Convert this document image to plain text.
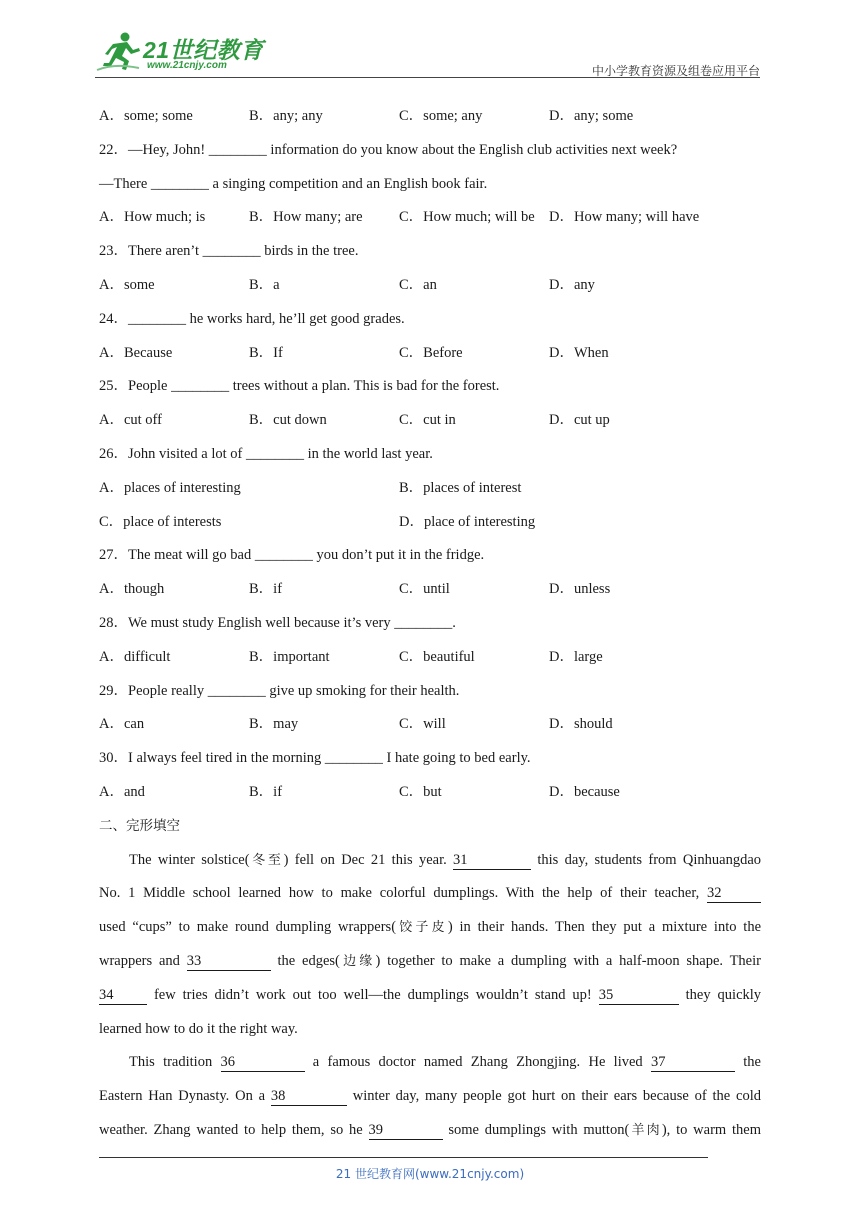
21世纪教育
www.21cnjy.com	中小学教育资源及组卷应用平台
A．some; some	B．any; any	C．some; any	D．any; some
22．—Hey, John! ________ information do you know about the English club activities next week?
—There ________ a singing competition and an English book fair.
A．How much; is	B．How many; are	C．How much; will be D．How many; will have
23．There aren’t ________ birds in the tree.
A．some	B．a	C．an	D．any
24．________ he works hard, he’ll get good grades.
A．Because	B．If	C．Before	D．When
25．People ________ trees without a plan. This is bad for the forest.
A．cut off	B．cut down	C．cut in	D．cut up
26．John visited a lot of ________ in the world last year.
A．places of interesting	B．places of interest
C．place of interests	D．place of interesting
27．The meat will go bad ________ you don’t put it in the fridge.
A．though	B．if	C．until	D．unless
28．We must study English well because it’s very ________.
A．difficult	B．important	C．beautiful	D．large
29．People really ________ give up smoking for their health.
A．can	B．may	C．will	D．should
30．I always feel tired in the morning ________ I hate going to bed early.
A．and	B．if	C．but	D．because
二、完形填空
The winter solstice(冬至) fell on Dec 21 this year. 31	this day, students from Qinhuangdao
No. 1 Middle school learned how to make colorful dumplings. With the help of their teacher, 32
used “cups” to make round dumpling wrappers(饺子皮) in their hands. Then they put a mixture into the
wrappers and 33	the edges(边缘) together to make a dumpling with a half-moon shape. Their
34	few tries didn’t work out too well—the dumplings wouldn’t stand up! 35	they quickly
learned how to do it the right way.
This tradition 36	a famous doctor named Zhang Zhongjing. He lived 37	the
Eastern Han Dynasty. On a 38	winter day, many people got hurt on their ears because of the cold
weather. Zhang wanted to help them, so he 39	some dumplings with mutton(羊肉), to warm them
21 世纪教育网(www.21cnjy.com)
